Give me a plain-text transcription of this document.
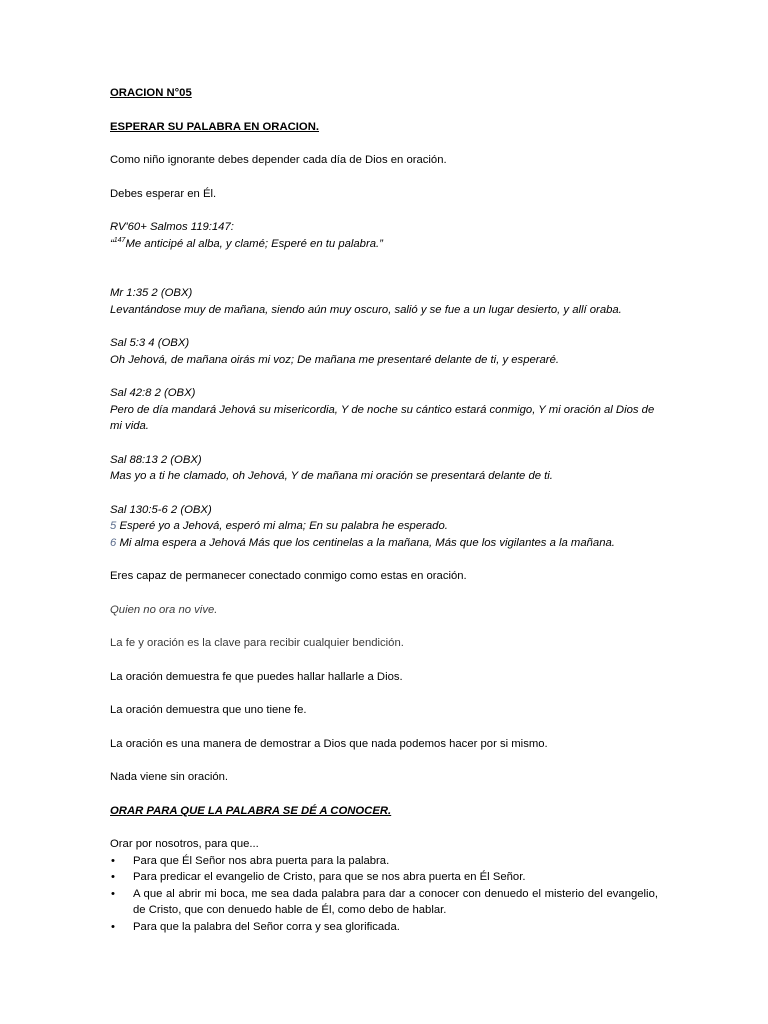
ORACION N°05

ESPERAR SU PALABRA EN ORACION.

Como niño ignorante debes depender cada día de Dios en oración.

Debes esperar en Él.

RV'60+ Salmos 119:147:

“$^{147}$Me anticipé al alba, y clamé; Esperé en tu palabra.”

Mr 1:35 2 (OBX)

Levantándose muy de mañana, siendo aún muy oscuro, salió y se fue a un lugar desierto, y allí oraba.

Sal 5:3 4 (OBX)

Oh Jehová, de mañana oirás mi voz; De mañana me presentaré delante de ti, y esperaré.

Sal 42:8 2 (OBX)

Pero de día mandará Jehová su misericordia, Y de noche su cántico estará conmigo, Y mi oración al Dios de mi vida.

Sal 88:13 2 (OBX)

Mas yo a ti he clamado, oh Jehová, Y de mañana mi oración se presentará delante de ti.

Sal 130:5-6 2 (OBX)

5 Esperé yo a Jehová, esperó mi alma; En su palabra he esperado.

6 Mi alma espera a Jehová Más que los centinelas a la mañana, Más que los vigilantes a la mañana.

Eres capaz de permanecer conectado conmigo como estas en oración.

Quien no ora no vive.

La fe y oración es la clave para recibir cualquier bendición.

La oración demuestra fe que puedes hallar hallarle a Dios.

La oración demuestra que uno tiene fe.

La oración es una manera de demostrar a Dios que nada podemos hacer por si mismo.

Nada viene sin oración.

ORAR PARA QUE LA PALABRA SE DÉ A CONOCER.

Orar por nosotros, para que...

• Para que Él Señor nos abra puerta para la palabra.
• Para predicar el evangelio de Cristo, para que se nos abra puerta en Él Señor.
• A que al abrir mi boca, me sea dada palabra para dar a conocer con denuedo el misterio del evangelio, de Cristo, que con denuedo hable de Él, como debo de hablar.
• Para que la palabra del Señor corra y sea glorificada.
